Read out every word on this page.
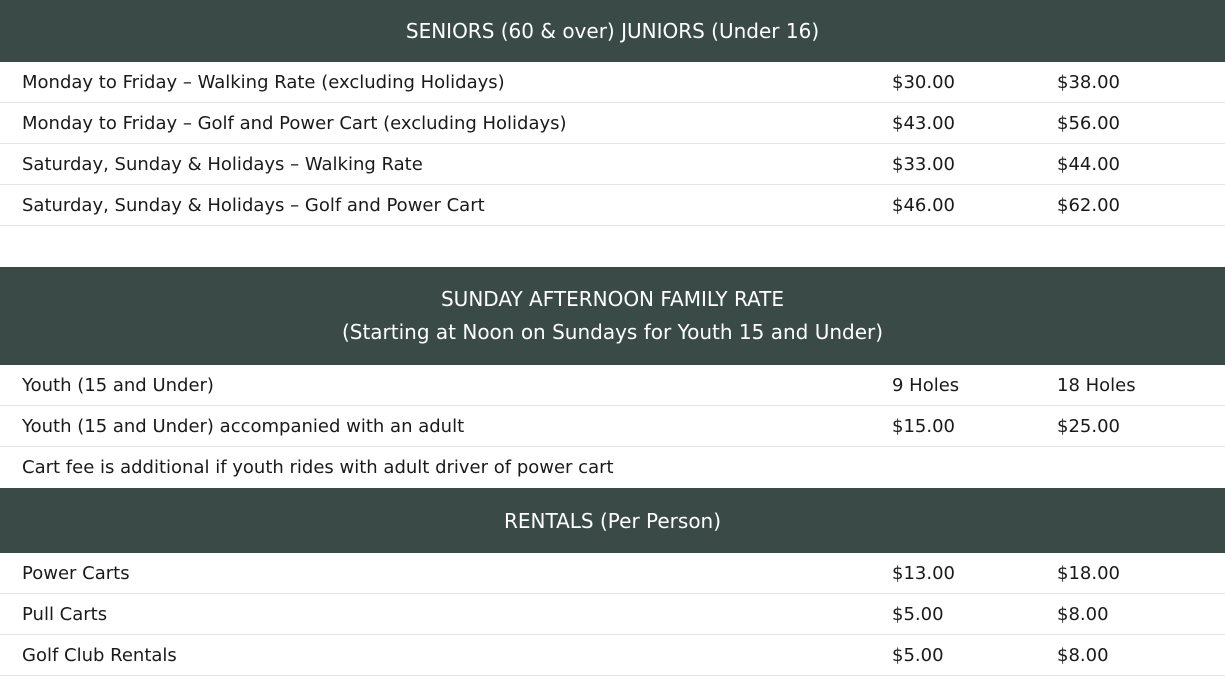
SENIORS (60 & over) JUNIORS (Under 16)
Monday to Friday – Walking Rate (excluding Holidays)	$30.00	$38.00
Monday to Friday – Golf and Power Cart (excluding Holidays)	$43.00	$56.00
Saturday, Sunday & Holidays – Walking Rate	$33.00	$44.00
Saturday, Sunday & Holidays – Golf and Power Cart	$46.00	$62.00
SUNDAY AFTERNOON FAMILY RATE
(Starting at Noon on Sundays for Youth 15 and Under)
Youth (15 and Under)	9 Holes	18 Holes
Youth (15 and Under) accompanied with an adult	$15.00	$25.00
Cart fee is additional if youth rides with adult driver of power cart
RENTALS (Per Person)
Power Carts	$13.00	$18.00
Pull Carts	$5.00	$8.00
Golf Club Rentals	$5.00	$8.00
